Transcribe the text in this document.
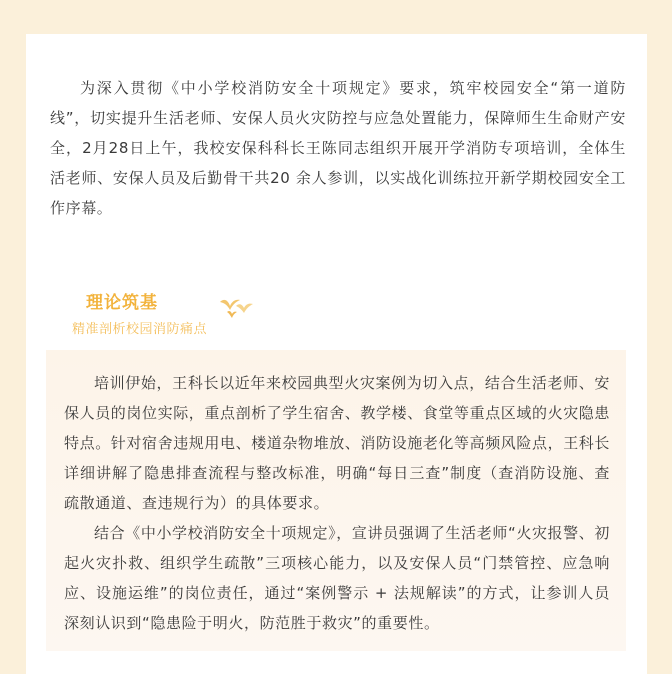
为深入贯彻《中小学校消防安全十项规定》要求，筑牢校园安全“第一道防线”，切实提升生活老师、安保人员火灾防控与应急处置能力，保障师生生命财产安全，2月28日上午，我校安保科科长王陈同志组织开展开学消防专项培训，全体生活老师、安保人员及后勤骨干共20 余人参训，以实战化训练拉开新学期校园安全工作序幕。

理论筑基
精准剖析校园消防痛点

培训伊始，王科长以近年来校园典型火灾案例为切入点，结合生活老师、安保人员的岗位实际，重点剖析了学生宿舍、教学楼、食堂等重点区域的火灾隐患特点。针对宿舍违规用电、楼道杂物堆放、消防设施老化等高频风险点，王科长详细讲解了隐患排查流程与整改标准，明确“每日三查”制度（查消防设施、查疏散通道、查违规行为）的具体要求。

结合《中小学校消防安全十项规定》，宣讲员强调了生活老师“火灾报警、初起火灾扑救、组织学生疏散”三项核心能力，以及安保人员“门禁管控、应急响应、设施运维”的岗位责任，通过“案例警示 + 法规解读”的方式，让参训人员深刻认识到“隐患险于明火，防范胜于救灾”的重要性。
